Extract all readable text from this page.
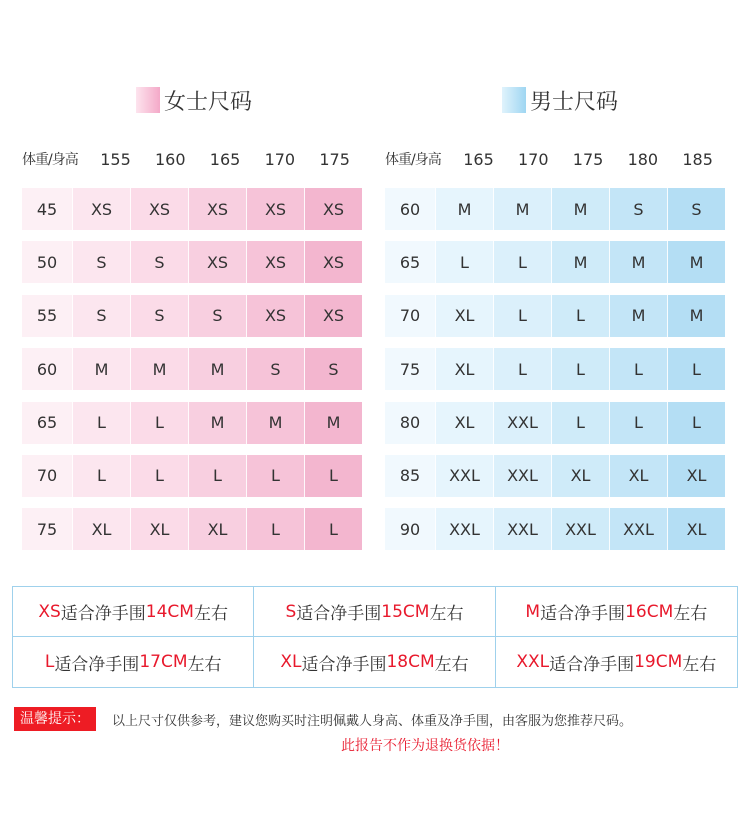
女士尺码	男士尺码
体重/身高	155	160	165	170	175
45	XS	XS	XS	XS	XS
50	S	S	XS	XS	XS
55	S	S	S	XS	XS
60	M	M	M	S	S
65	L	L	M	M	M
70	L	L	L	L	L
75	XL	XL	XL	L	L
体重/身高	165	170	175	180	185
60	M	M	M	S	S
65	L	L	M	M	M
70	XL	L	L	M	M
75	XL	L	L	L	L
80	XL	XXL	L	L	L
85	XXL	XXL	XL	XL	XL
90	XXL	XXL	XXL	XXL	XL
XS 适合净手围 14CM 左右	S 适合净手围 15CM 左右	M 适合净手围 16CM 左右
L 适合净手围 17CM 左右	XL 适合净手围 18CM 左右	XXL 适合净手围 19CM 左右
温馨提示：	以上尺寸仅供参考，建议您购买时注明佩戴人身高、体重及净手围，由客服为您推荐尺码。
此报告不作为退换货依据！
